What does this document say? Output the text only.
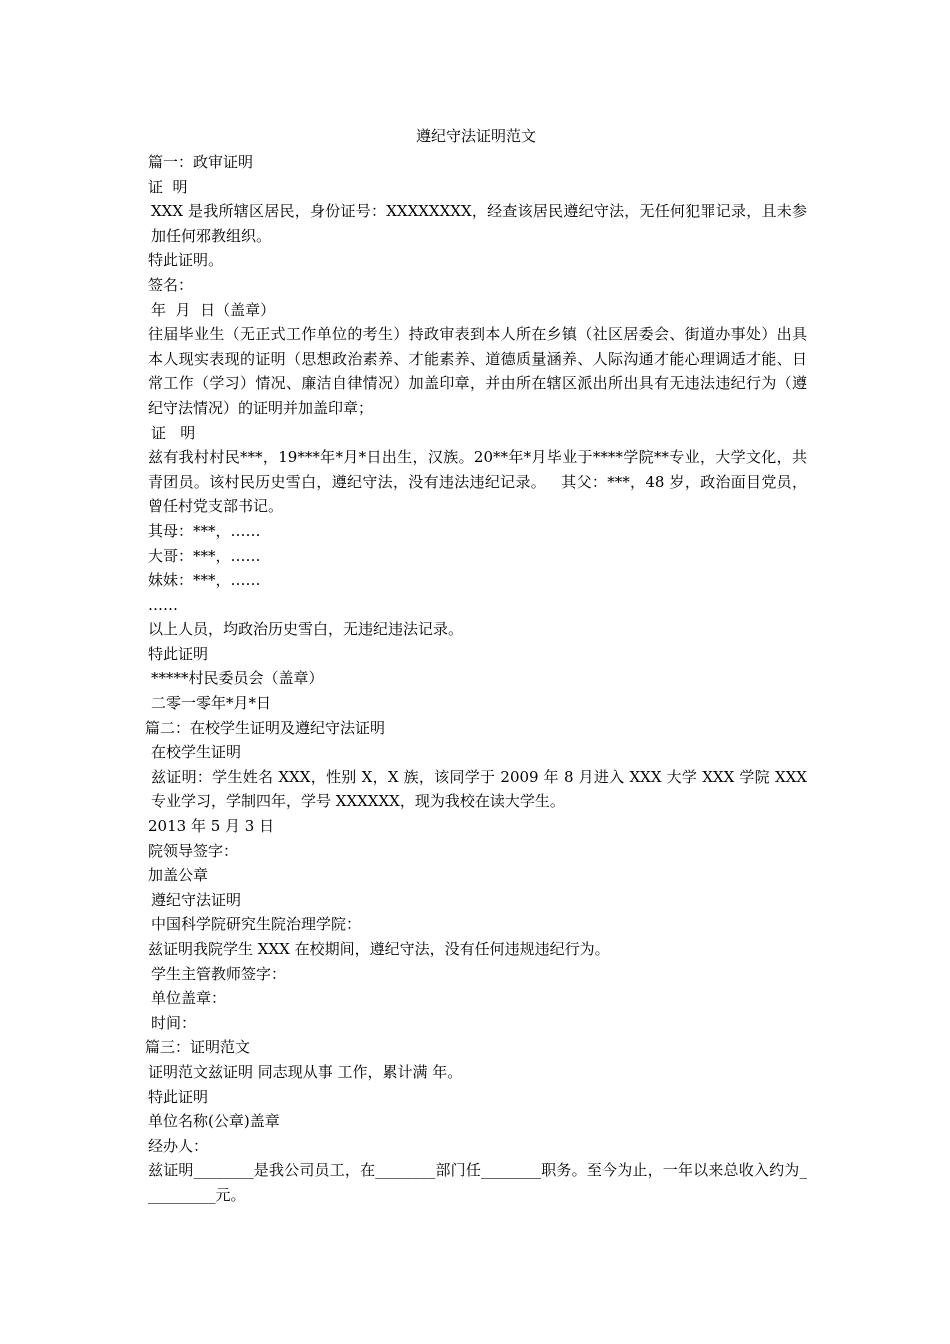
遵纪守法证明范文

篇一：政审证明

证  明

XXX 是我所辖区居民，身份证号：XXXXXXXX，经查该居民遵纪守法，无任何犯罪记录，且未参加任何邪教组织。

特此证明。

签名：

年  月  日（盖章）

往届毕业生（无正式工作单位的考生）持政审表到本人所在乡镇（社区居委会、街道办事处）出具本人现实表现的证明（思想政治素养、才能素养、道德质量涵养、人际沟通才能心理调适才能、日常工作（学习）情况、廉洁自律情况）加盖印章，并由所在辖区派出所出具有无违法违纪行为（遵纪守法情况）的证明并加盖印章；

证   明

兹有我村村民***，19***年*月*日出生，汉族。20**年*月毕业于****学院**专业，大学文化，共青团员。该村民历史雪白，遵纪守法，没有违法违纪记录。   其父：***，48 岁，政治面目党员，曾任村党支部书记。

其母：***，……

大哥：***，……

妹妹：***，……

……

以上人员，均政治历史雪白，无违纪违法记录。

特此证明

*****村民委员会（盖章）

二零一零年*月*日

篇二：在校学生证明及遵纪守法证明

在校学生证明

兹证明：学生姓名 XXX，性别 X，X 族，该同学于 2009 年 8 月进入 XXX 大学 XXX 学院 XXX 专业学习，学制四年，学号 XXXXXX，现为我校在读大学生。

2013 年 5 月 3 日

院领导签字：

加盖公章

遵纪守法证明

中国科学院研究生院治理学院：

兹证明我院学生 XXX 在校期间，遵纪守法，没有任何违规违纪行为。

学生主管教师签字：

单位盖章：

时间：

篇三：证明范文

证明范文兹证明 同志现从事 工作，累计满 年。

特此证明

单位名称(公章)盖章

经办人：

兹证明________是我公司员工，在________部门任________职务。至今为止，一年以来总收入约为__________元。
